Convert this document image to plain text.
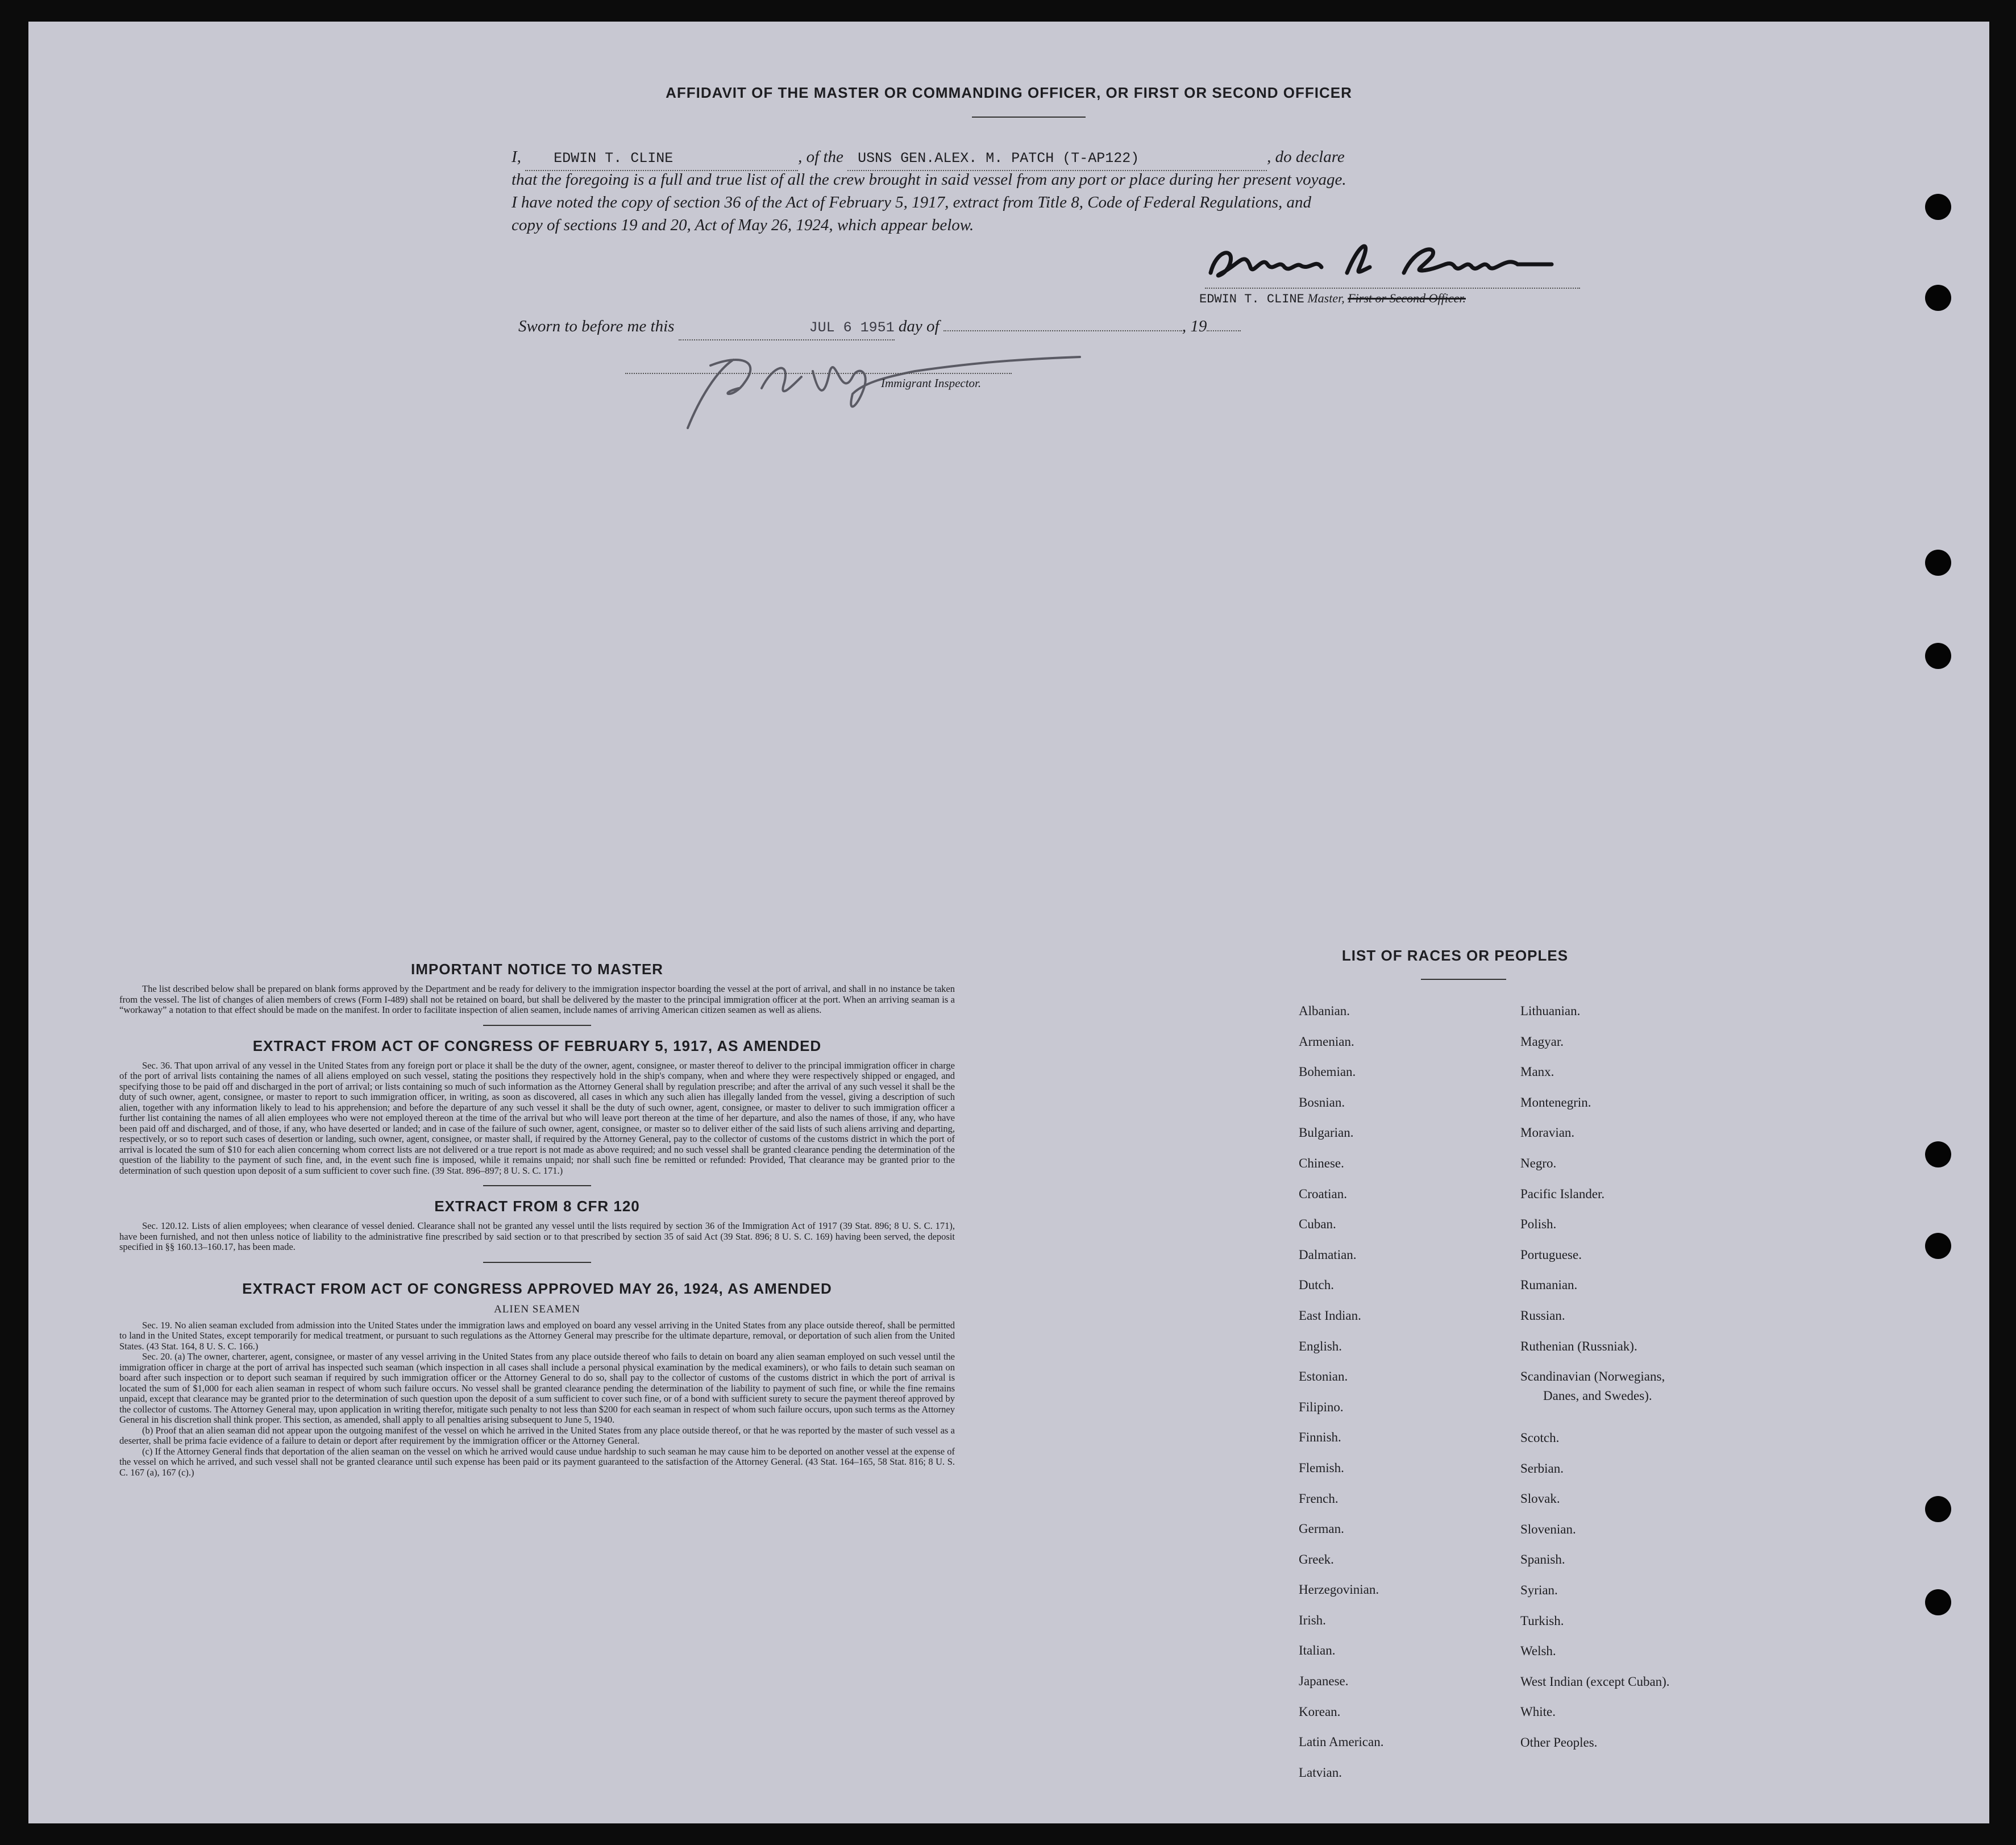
AFFIDAVIT OF THE MASTER OR COMMANDING OFFICER, OR FIRST OR SECOND OFFICER
I, EDWIN T. CLINE	, of the USNS GEN.ALEX. M. PATCH (T-AP122)	, do declare
that the foregoing is a full and true list of all the crew brought in said vessel from any port or place during her present voyage.
I have noted the copy of section 36 of the Act of February 5, 1917, extract from Title 8, Code of Federal Regulations, and
copy of sections 19 and 20, Act of May 26, 1924, which appear below.
EDWIN T. CLINE Master, First or Second Officer.
Sworn to before me this	JUL 6 1951 day of	, 19
Immigrant Inspector.
IMPORTANT NOTICE TO MASTER

The list described below shall be prepared on blank forms approved by the Department and be ready for delivery to the immigration inspector boarding the vessel at the port of arrival, and shall in no instance be taken from the vessel. The list of changes of alien members of crews (Form I-489) shall not be retained on board, but shall be delivered by the master to the principal immigration officer at the port. When an arriving seaman is a “workaway” a notation to that effect should be made on the manifest. In order to facilitate inspection of alien seamen, include names of arriving American citizen seamen as well as aliens.

EXTRACT FROM ACT OF CONGRESS OF FEBRUARY 5, 1917, AS AMENDED

Sec. 36. That upon arrival of any vessel in the United States from any foreign port or place it shall be the duty of the owner, agent, consignee, or master thereof to deliver to the principal immigration officer in charge of the port of arrival lists containing the names of all aliens employed on such vessel, stating the positions they respectively hold in the ship's company, when and where they were respectively shipped or engaged, and specifying those to be paid off and discharged in the port of arrival; or lists containing so much of such information as the Attorney General shall by regulation prescribe; and after the arrival of any such vessel it shall be the duty of such owner, agent, consignee, or master to report to such immigration officer, in writing, as soon as discovered, all cases in which any such alien has illegally landed from the vessel, giving a description of such alien, together with any information likely to lead to his apprehension; and before the departure of any such vessel it shall be the duty of such owner, agent, consignee, or master to deliver to such immigration officer a further list containing the names of all alien employees who were not employed thereon at the time of the arrival but who will leave port thereon at the time of her departure, and also the names of those, if any, who have been paid off and discharged, and of those, if any, who have deserted or landed; and in case of the failure of such owner, agent, consignee, or master so to deliver either of the said lists of such aliens arriving and departing, respectively, or so to report such cases of desertion or landing, such owner, agent, consignee, or master shall, if required by the Attorney General, pay to the collector of customs of the customs district in which the port of arrival is located the sum of $10 for each alien concerning whom correct lists are not delivered or a true report is not made as above required; and no such vessel shall be granted clearance pending the determination of the question of the liability to the payment of such fine, and, in the event such fine is imposed, while it remains unpaid; nor shall such fine be remitted or refunded: Provided, That clearance may be granted prior to the determination of such question upon deposit of a sum sufficient to cover such fine. (39 Stat. 896–897; 8 U. S. C. 171.)

EXTRACT FROM 8 CFR 120

Sec. 120.12. Lists of alien employees; when clearance of vessel denied. Clearance shall not be granted any vessel until the lists required by section 36 of the Immigration Act of 1917 (39 Stat. 896; 8 U. S. C. 171), have been furnished, and not then unless notice of liability to the administrative fine prescribed by said section or to that prescribed by section 35 of said Act (39 Stat. 896; 8 U. S. C. 169) having been served, the deposit specified in §§ 160.13–160.17, has been made.

EXTRACT FROM ACT OF CONGRESS APPROVED MAY 26, 1924, AS AMENDED
ALIEN SEAMEN

Sec. 19. No alien seaman excluded from admission into the United States under the immigration laws and employed on board any vessel arriving in the United States from any place outside thereof, shall be permitted to land in the United States, except temporarily for medical treatment, or pursuant to such regulations as the Attorney General may prescribe for the ultimate departure, removal, or deportation of such alien from the United States. (43 Stat. 164, 8 U. S. C. 166.)

Sec. 20. (a) The owner, charterer, agent, consignee, or master of any vessel arriving in the United States from any place outside thereof who fails to detain on board any alien seaman employed on such vessel until the immigration officer in charge at the port of arrival has inspected such seaman (which inspection in all cases shall include a personal physical examination by the medical examiners), or who fails to detain such seaman on board after such inspection or to deport such seaman if required by such immigration officer or the Attorney General to do so, shall pay to the collector of customs of the customs district in which the port of arrival is located the sum of $1,000 for each alien seaman in respect of whom such failure occurs. No vessel shall be granted clearance pending the determination of the liability to payment of such fine, or while the fine remains unpaid, except that clearance may be granted prior to the determination of such question upon the deposit of a sum sufficient to cover such fine, or of a bond with sufficient surety to secure the payment thereof approved by the collector of customs. The Attorney General may, upon application in writing therefor, mitigate such penalty to not less than $200 for each seaman in respect of whom such failure occurs, upon such terms as the Attorney General in his discretion shall think proper. This section, as amended, shall apply to all penalties arising subsequent to June 5, 1940.

(b) Proof that an alien seaman did not appear upon the outgoing manifest of the vessel on which he arrived in the United States from any place outside thereof, or that he was reported by the master of such vessel as a deserter, shall be prima facie evidence of a failure to detain or deport after requirement by the immigration officer or the Attorney General.

(c) If the Attorney General finds that deportation of the alien seaman on the vessel on which he arrived would cause undue hardship to such seaman he may cause him to be deported on another vessel at the expense of the vessel on which he arrived, and such vessel shall not be granted clearance until such expense has been paid or its payment guaranteed to the satisfaction of the Attorney General. (43 Stat. 164–165, 58 Stat. 816; 8 U. S. C. 167 (a), 167 (c).)

LIST OF RACES OR PEOPLES
Albanian.
Armenian.
Bohemian.
Bosnian.
Bulgarian.
Chinese.
Croatian.
Cuban.
Dalmatian.
Dutch.
East Indian.
English.
Estonian.
Filipino.
Finnish.
Flemish.
French.
German.
Greek.
Herzegovinian.
Irish.
Italian.
Japanese.
Korean.
Latin American.
Latvian.
Lithuanian.
Magyar.
Manx.
Montenegrin.
Moravian.
Negro.
Pacific Islander.
Polish.
Portuguese.
Rumanian.
Russian.
Ruthenian (Russniak).
Scandinavian (Norwegians,
Danes, and Swedes).
Scotch.
Serbian.
Slovak.
Slovenian.
Spanish.
Syrian.
Turkish.
Welsh.
West Indian (except Cuban).
White.
Other Peoples.
